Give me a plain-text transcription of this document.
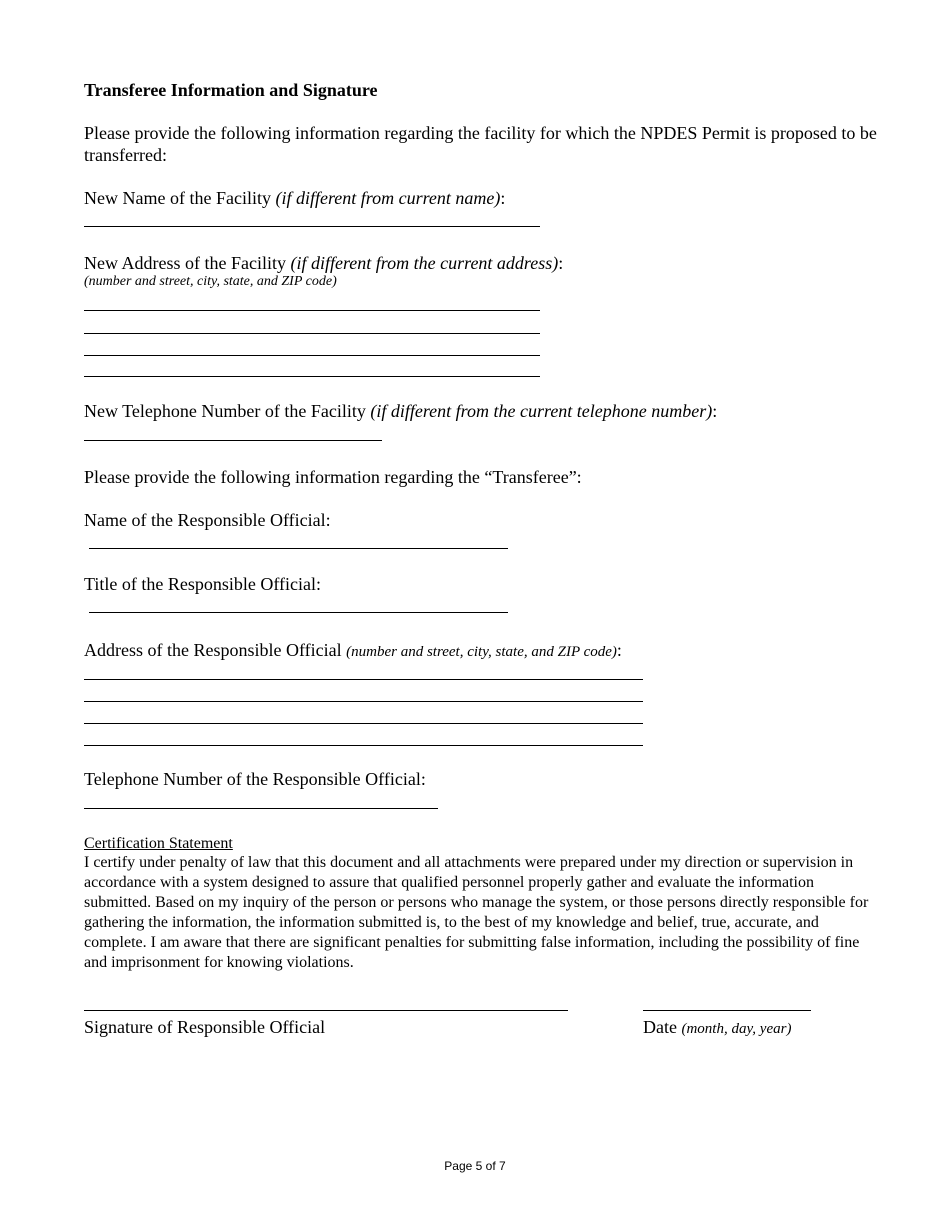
Transferee Information and Signature
Please provide the following information regarding the facility for which the NPDES Permit is proposed to be transferred:
New Name of the Facility (if different from current name):
New Address of the Facility (if different from the current address):
(number and street, city, state, and ZIP code)
New Telephone Number of the Facility (if different from the current telephone number):
Please provide the following information regarding the “Transferee”:
Name of the Responsible Official:
Title of the Responsible Official:
Address of the Responsible Official (number and street, city, state, and ZIP code):
Telephone Number of the Responsible Official:
Certification Statement
I certify under penalty of law that this document and all attachments were prepared under my direction or supervision in accordance with a system designed to assure that qualified personnel properly gather and evaluate the information submitted. Based on my inquiry of the person or persons who manage the system, or those persons directly responsible for gathering the information, the information submitted is, to the best of my knowledge and belief, true, accurate, and complete. I am aware that there are significant penalties for submitting false information, including the possibility of fine and imprisonment for knowing violations.
Signature of Responsible Official	Date (month, day, year)
Page 5 of 7
